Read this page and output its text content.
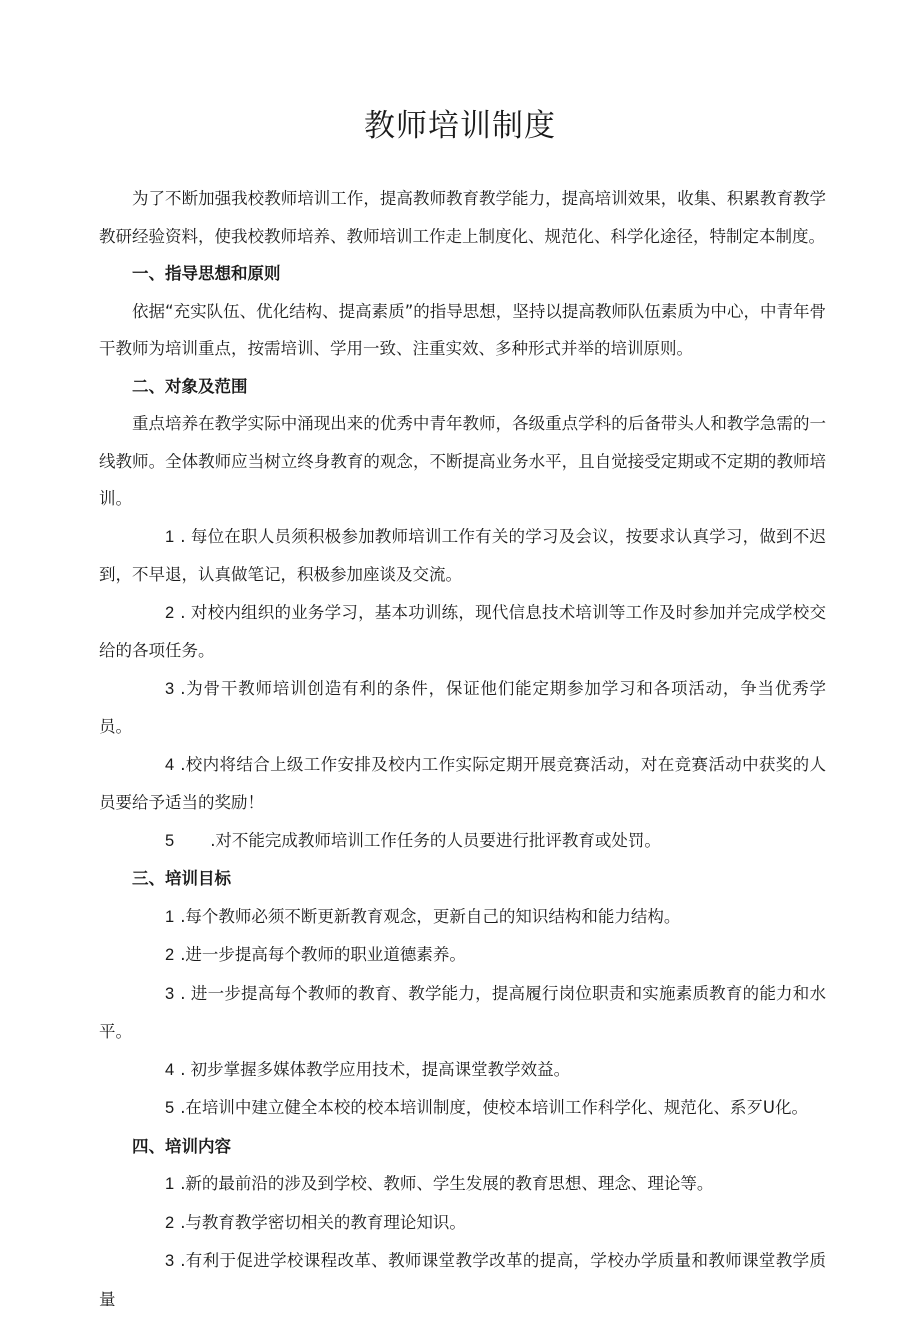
教师培训制度

为了不断加强我校教师培训工作，提高教师教育教学能力，提高培训效果，收集、积累教育教学教研经验资料，使我校教师培养、教师培训工作走上制度化、规范化、科学化途径，特制定本制度。

一、指导思想和原则

依据“充实队伍、优化结构、提高素质”的指导思想，坚持以提高教师队伍素质为中心，中青年骨干教师为培训重点，按需培训、学用一致、注重实效、多种形式并举的培训原则。

二、对象及范围

重点培养在教学实际中涌现出来的优秀中青年教师，各级重点学科的后备带头人和教学急需的一线教师。全体教师应当树立终身教育的观念，不断提高业务水平，且自觉接受定期或不定期的教师培训。

1 . 每位在职人员须积极参加教师培训工作有关的学习及会议，按要求认真学习，做到不迟到，不早退，认真做笔记，积极参加座谈及交流。

2 . 对校内组织的业务学习，基本功训练，现代信息技术培训等工作及时参加并完成学校交给的各项任务。

3 .为骨干教师培训创造有利的条件，保证他们能定期参加学习和各项活动，争当优秀学员。

4 .校内将结合上级工作安排及校内工作实际定期开展竞赛活动，对在竞赛活动中获奖的人员要给予适当的奖励！

5 .对不能完成教师培训工作任务的人员要进行批评教育或处罚。

三、培训目标

1 .每个教师必须不断更新教育观念，更新自己的知识结构和能力结构。

2 .进一步提高每个教师的职业道德素养。

3 . 进一步提高每个教师的教育、教学能力，提高履行岗位职责和实施素质教育的能力和水平。

4 . 初步掌握多媒体教学应用技术，提高课堂教学效益。

5 .在培训中建立健全本校的校本培训制度，使校本培训工作科学化、规范化、系歹U化。

四、培训内容

1 .新的最前沿的涉及到学校、教师、学生发展的教育思想、理念、理论等。

2 .与教育教学密切相关的教育理论知识。

3 .有利于促进学校课程改革、教师课堂教学改革的提高，学校办学质量和教师课堂教学质量
